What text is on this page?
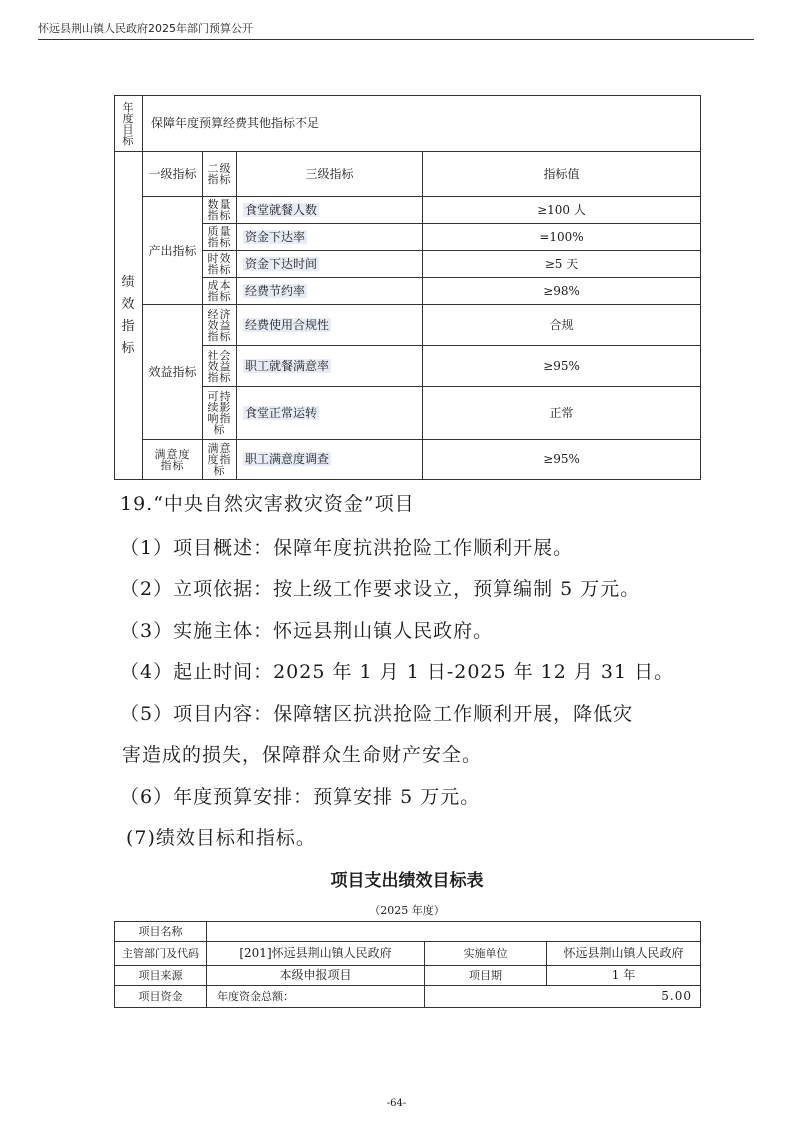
怀远县荆山镇人民政府2025年部门预算公开
年度目标	保障年度预算经费其他指标不足			
绩效指标	一级指标	二级指标	三级指标	指标值
	产出指标	数量指标	食堂就餐人数	≥100 人
		质量指标	资金下达率	=100%
		时效指标	资金下达时间	≥5 天
		成本指标	经费节约率	≥98%
	效益指标	经济效益指标	经费使用合规性	合规
		社会效益指标	职工就餐满意率	≥95%
		可持续影响指标	食堂正常运转	正常
	满意度指标	满意度指标	职工满意度调查	≥95%
19.“中央自然灾害救灾资金”项目
（1）项目概述：保障年度抗洪抢险工作顺利开展。
（2）立项依据：按上级工作要求设立，预算编制 5 万元。
（3）实施主体：怀远县荆山镇人民政府。
（4）起止时间：2025 年 1 月 1 日-2025 年 12 月 31 日。
（5）项目内容：保障辖区抗洪抢险工作顺利开展，降低灾
害造成的损失，保障群众生命财产安全。
（6）年度预算安排：预算安排 5 万元。
(7)绩效目标和指标。
项目支出绩效目标表
（2025 年度）
项目名称			
主管部门及代码	[201]怀远县荆山镇人民政府	实施单位	怀远县荆山镇人民政府
项目来源	本级申报项目	项目期	1 年
项目资金	年度资金总额：	5.00	
-64-
